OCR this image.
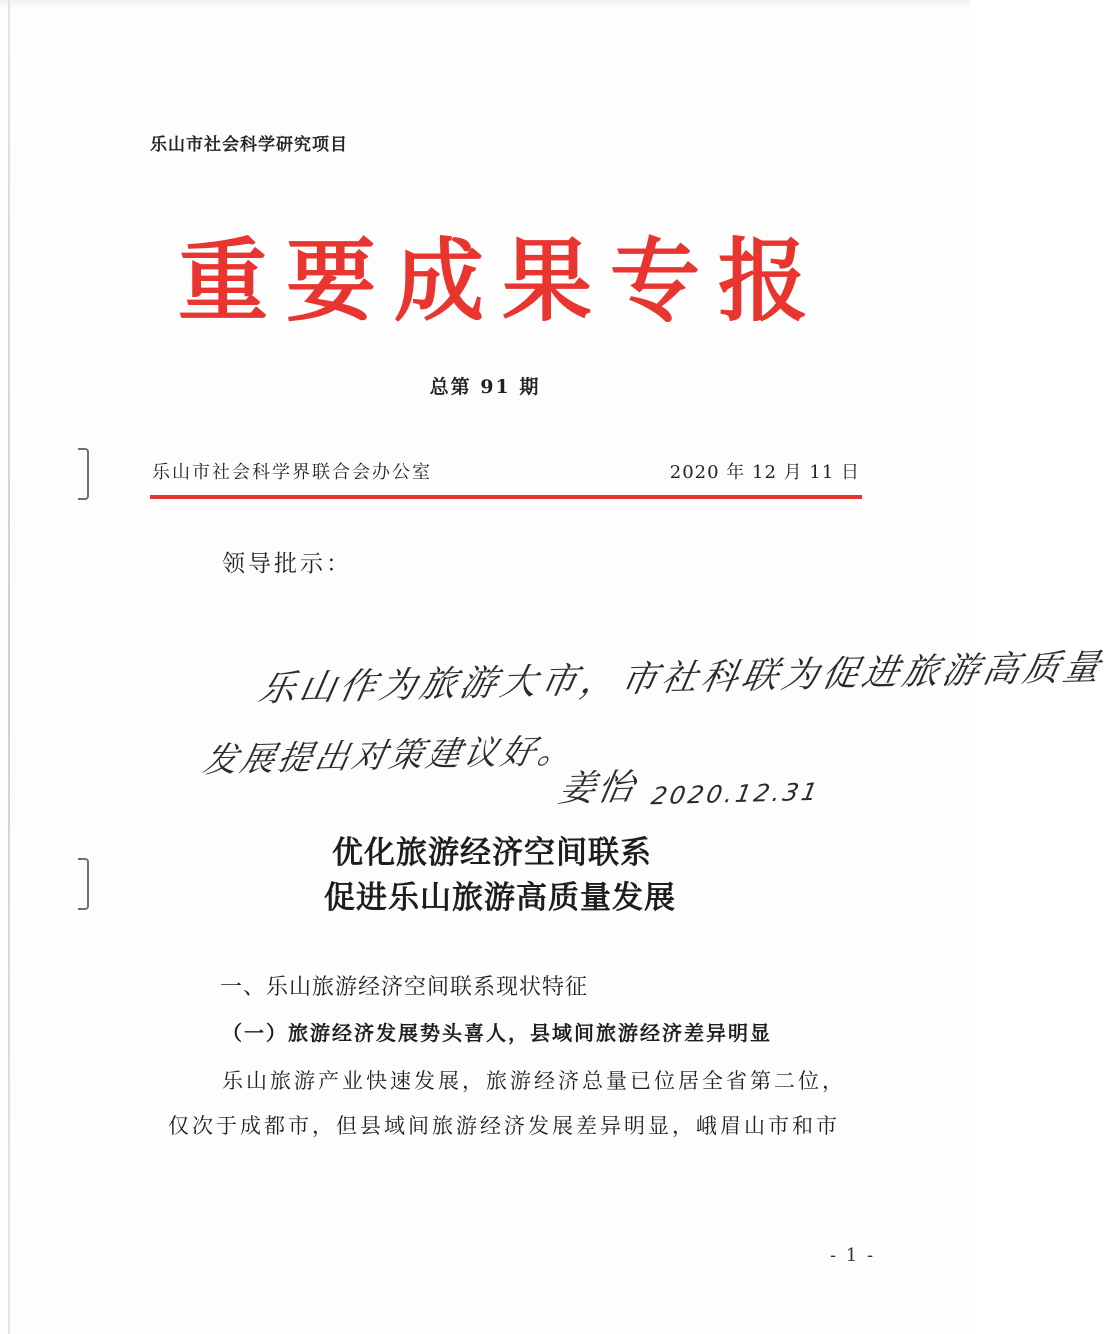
乐山市社会科学研究项目
重要成果专报
总第 91 期
乐山市社会科学界联合会办公室	2020 年 12 月 11 日
领导批示：
乐山作为旅游大市，市社科联为促进旅游高质量
发展提出对策建议好。
姜怡 2020.12.31
优化旅游经济空间联系
促进乐山旅游高质量发展
一、乐山旅游经济空间联系现状特征
（一）旅游经济发展势头喜人，县域间旅游经济差异明显
乐山旅游产业快速发展，旅游经济总量已位居全省第二位，
仅次于成都市，但县域间旅游经济发展差异明显，峨眉山市和市
- 1 -
